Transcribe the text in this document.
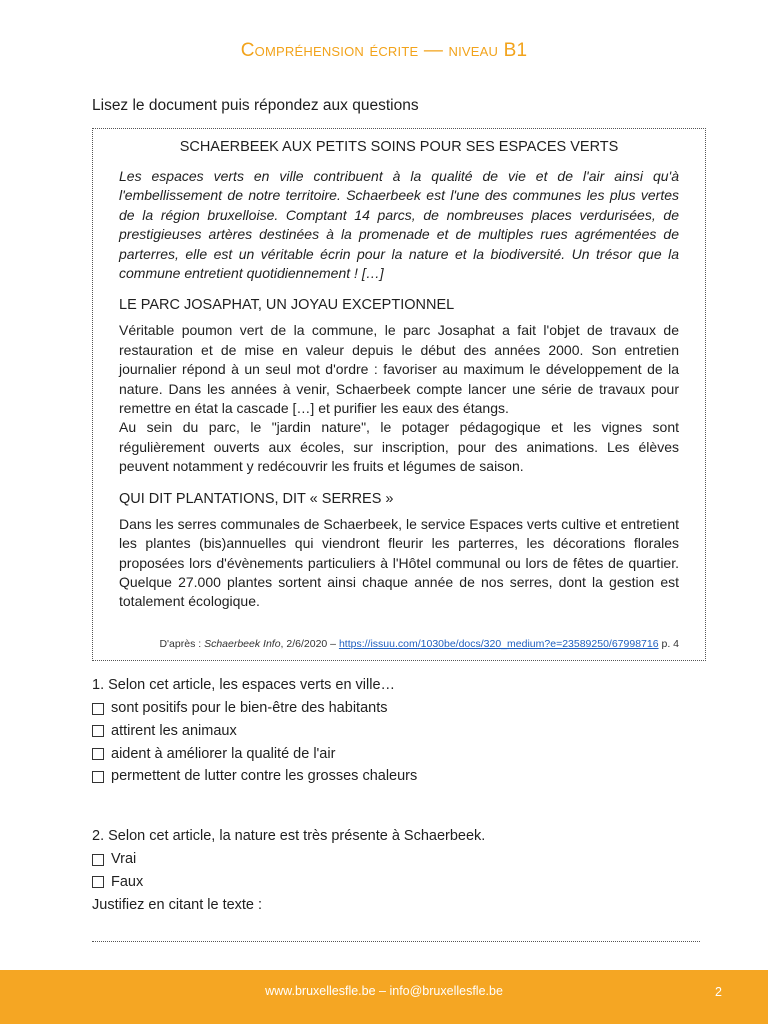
Compréhension écrite — niveau B1
Lisez le document puis répondez aux questions
SCHAERBEEK AUX PETITS SOINS POUR SES ESPACES VERTS

Les espaces verts en ville contribuent à la qualité de vie et de l'air ainsi qu'à l'embellissement de notre territoire. Schaerbeek est l'une des communes les plus vertes de la région bruxelloise. Comptant 14 parcs, de nombreuses places verdurisées, de prestigieuses artères destinées à la promenade et de multiples rues agrémentées de parterres, elle est un véritable écrin pour la nature et la biodiversité. Un trésor que la commune entretient quotidiennement ! […]

LE PARC JOSAPHAT, UN JOYAU EXCEPTIONNEL

Véritable poumon vert de la commune, le parc Josaphat a fait l'objet de travaux de restauration et de mise en valeur depuis le début des années 2000. Son entretien journalier répond à un seul mot d'ordre : favoriser au maximum le développement de la nature. Dans les années à venir, Schaerbeek compte lancer une série de travaux pour remettre en état la cascade […] et purifier les eaux des étangs.

Au sein du parc, le "jardin nature", le potager pédagogique et les vignes sont régulièrement ouverts aux écoles, sur inscription, pour des animations. Les élèves peuvent notamment y redécouvrir les fruits et légumes de saison.

QUI DIT PLANTATIONS, DIT « SERRES »

Dans les serres communales de Schaerbeek, le service Espaces verts cultive et entretient les plantes (bis)annuelles qui viendront fleurir les parterres, les décorations florales proposées lors d'évènements particuliers à l'Hôtel communal ou lors de fêtes de quartier. Quelque 27.000 plantes sortent ainsi chaque année de nos serres, dont la gestion est totalement écologique.

D'après : Schaerbeek Info, 2/6/2020 – https://issuu.com/1030be/docs/320_medium?e=23589250/67998716 p. 4
1. Selon cet article, les espaces verts en ville…
sont positifs pour le bien-être des habitants
attirent les animaux
aident à améliorer la qualité de l'air
permettent de lutter contre les grosses chaleurs
2. Selon cet article, la nature est très présente à Schaerbeek.
Vrai
Faux
Justifiez en citant le texte :
www.bruxellesfle.be – info@bruxellesfle.be	2
